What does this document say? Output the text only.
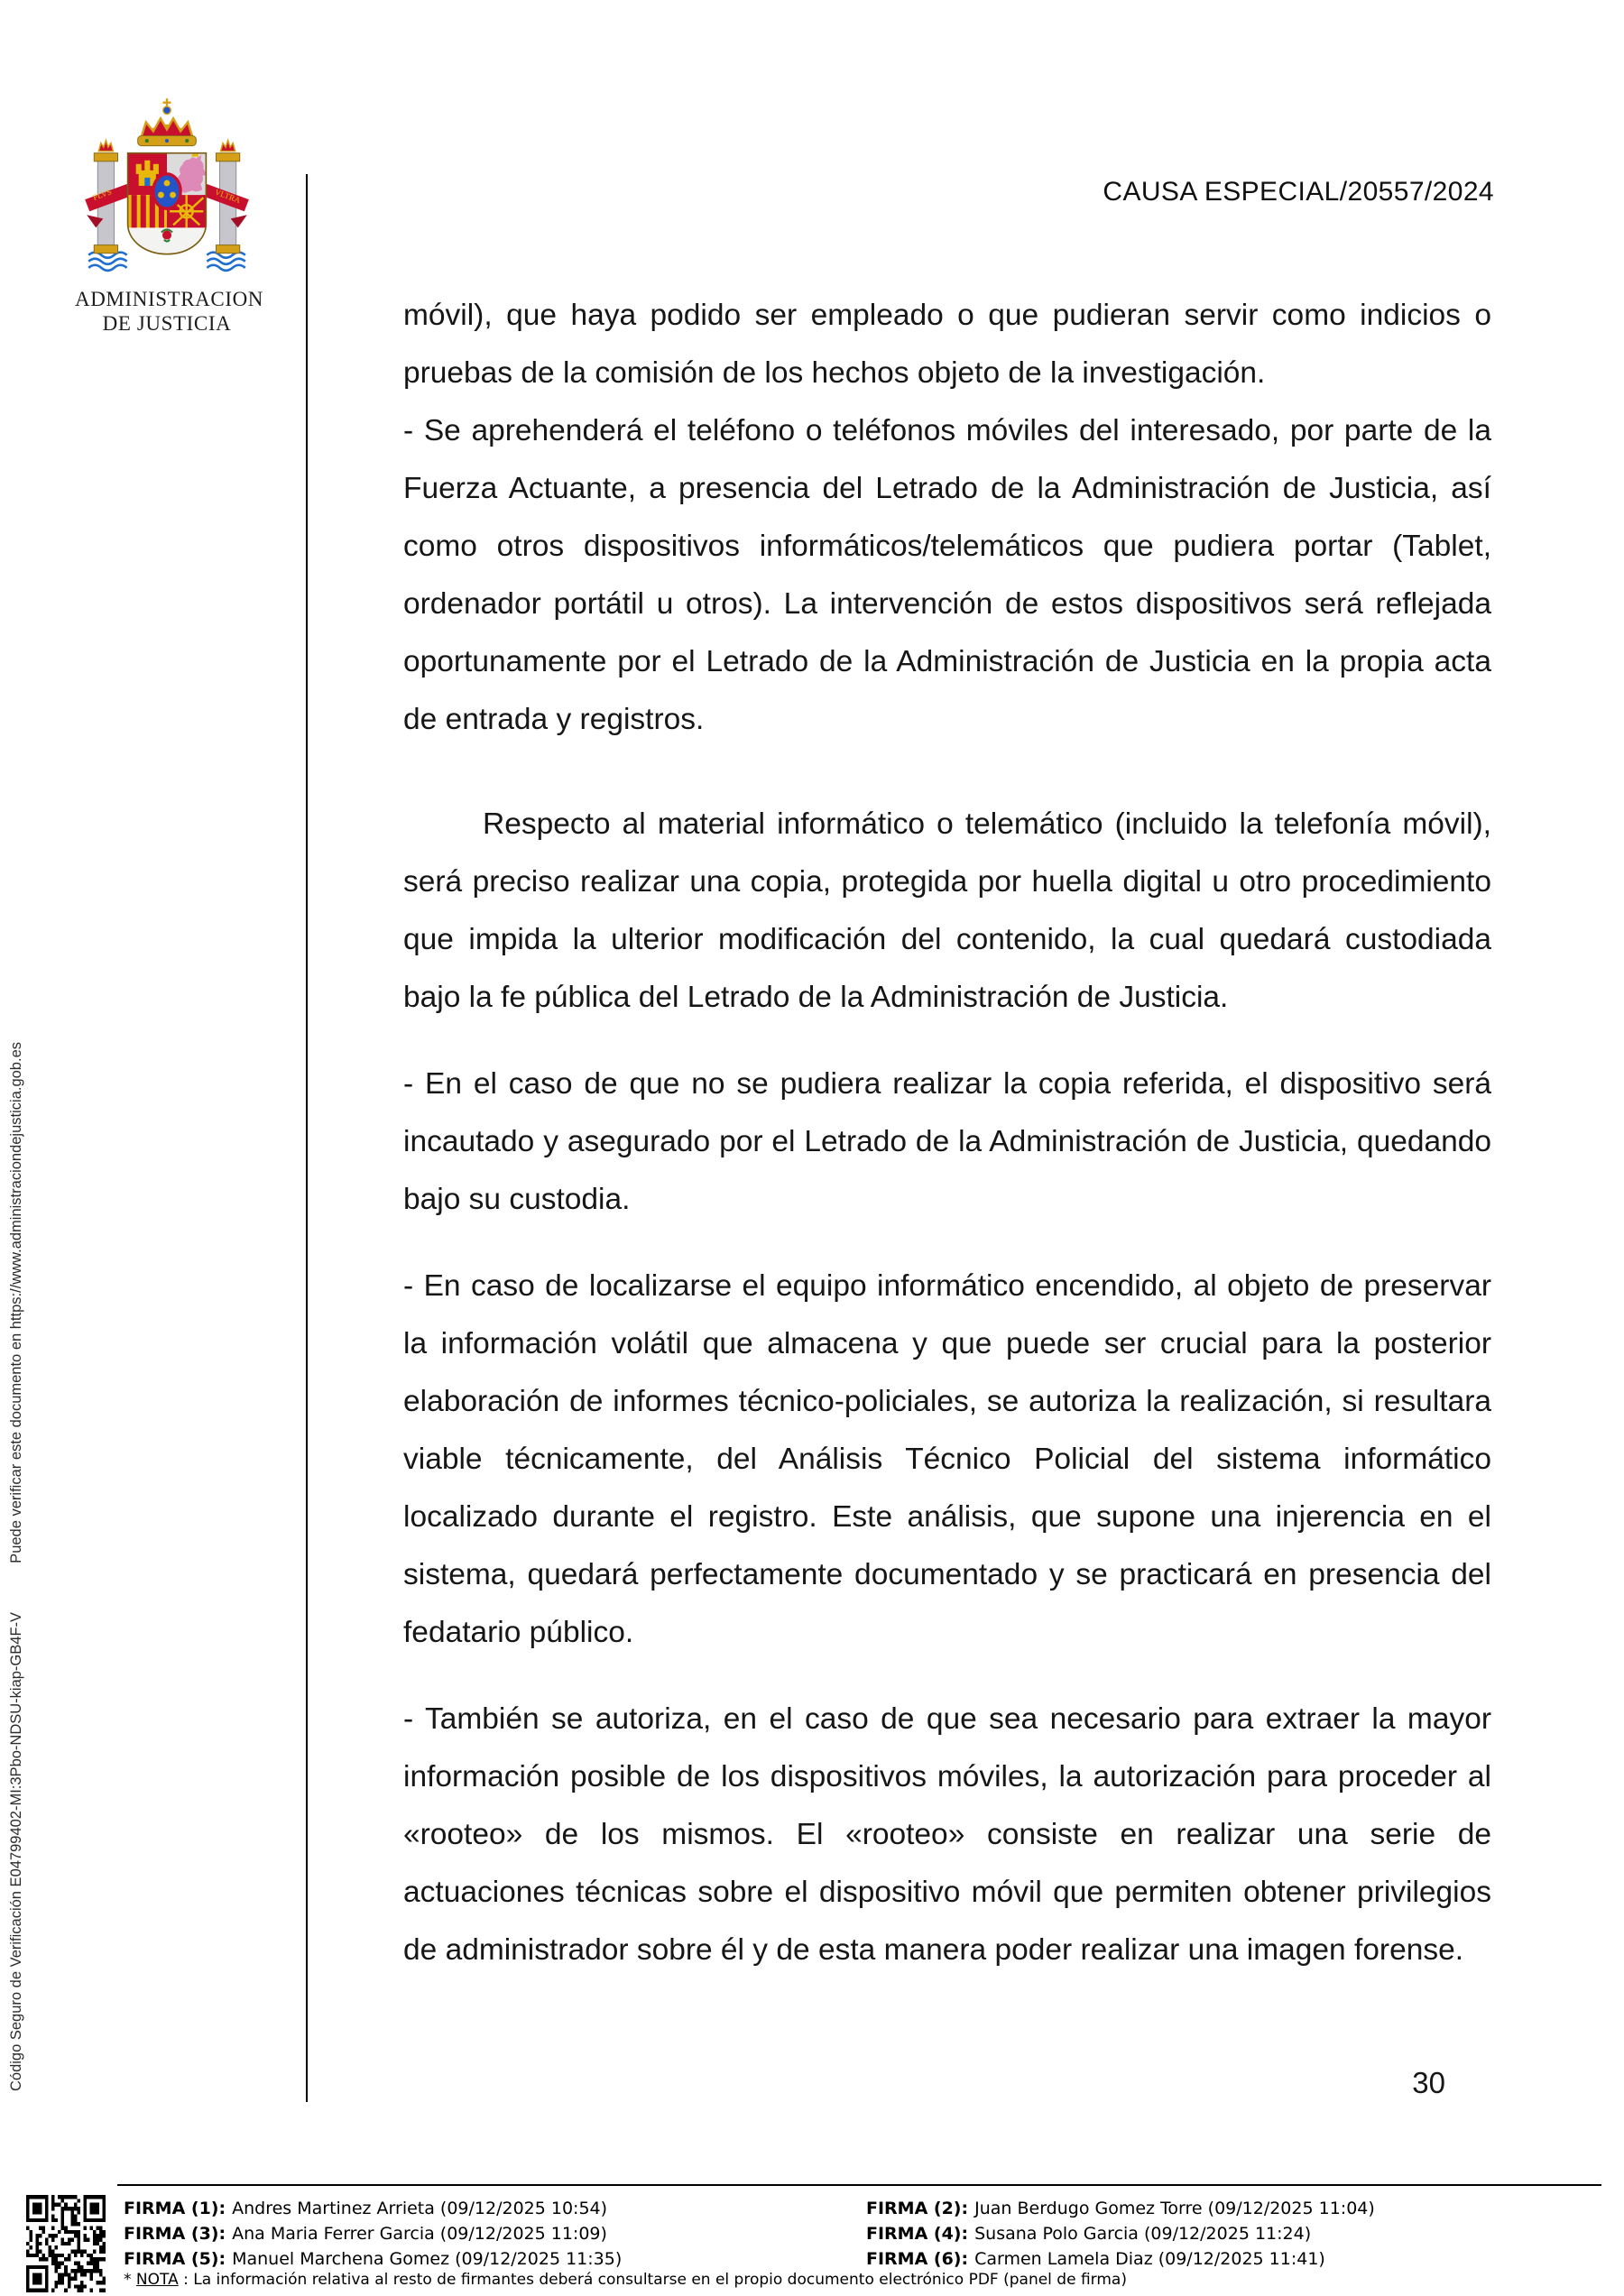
PLVS	VLTRA
ADMINISTRACION
DE JUSTICIA
CAUSA ESPECIAL/20557/2024

móvil), que haya podido ser empleado o que pudieran servir como indicios o pruebas de la comisión de los hechos objeto de la investigación.

- Se aprehenderá el teléfono o teléfonos móviles del interesado, por parte de la Fuerza Actuante, a presencia del Letrado de la Administración de Justicia, así como otros dispositivos informáticos/telemáticos que pudiera portar (Tablet, ordenador portátil u otros). La intervención de estos dispositivos será reflejada oportunamente por el Letrado de la Administración de Justicia en la propia acta de entrada y registros.

Respecto al material informático o telemático (incluido la telefonía móvil), será preciso realizar una copia, protegida por huella digital u otro procedimiento que impida la ulterior modificación del contenido, la cual quedará custodiada bajo la fe pública del Letrado de la Administración de Justicia.

- En el caso de que no se pudiera realizar la copia referida, el dispositivo será incautado y asegurado por el Letrado de la Administración de Justicia, quedando bajo su custodia.

- En caso de localizarse el equipo informático encendido, al objeto de preservar la información volátil que almacena y que puede ser crucial para la posterior elaboración de informes técnico-policiales, se autoriza la realización, si resultara viable técnicamente, del Análisis Técnico Policial del sistema informático localizado durante el registro. Este análisis, que supone una injerencia en el sistema, quedará perfectamente documentado y se practicará en presencia del fedatario público.

- También se autoriza, en el caso de que sea necesario para extraer la mayor información posible de los dispositivos móviles, la autorización para proceder al «rooteo» de los mismos. El «rooteo» consiste en realizar una serie de actuaciones técnicas sobre el dispositivo móvil que permiten obtener privilegios de administrador sobre él y de esta manera poder realizar una imagen forense.

30
FIRMA (1): Andres Martinez Arrieta (09/12/2025 10:54)	FIRMA (2): Juan Berdugo Gomez Torre (09/12/2025 11:04)
FIRMA (3): Ana Maria Ferrer Garcia (09/12/2025 11:09)	FIRMA (4): Susana Polo Garcia (09/12/2025 11:24)
FIRMA (5): Manuel Marchena Gomez (09/12/2025 11:35)	FIRMA (6): Carmen Lamela Diaz (09/12/2025 11:41)
* NOTA : La información relativa al resto de firmantes deberá consultarse en el propio documento electrónico PDF (panel de firma)
Código Seguro de Verificación E04799402-MI:3Pbo-NDSU-kiap-GB4F-V
Puede verificar este documento en https://www.administraciondejusticia.gob.es
